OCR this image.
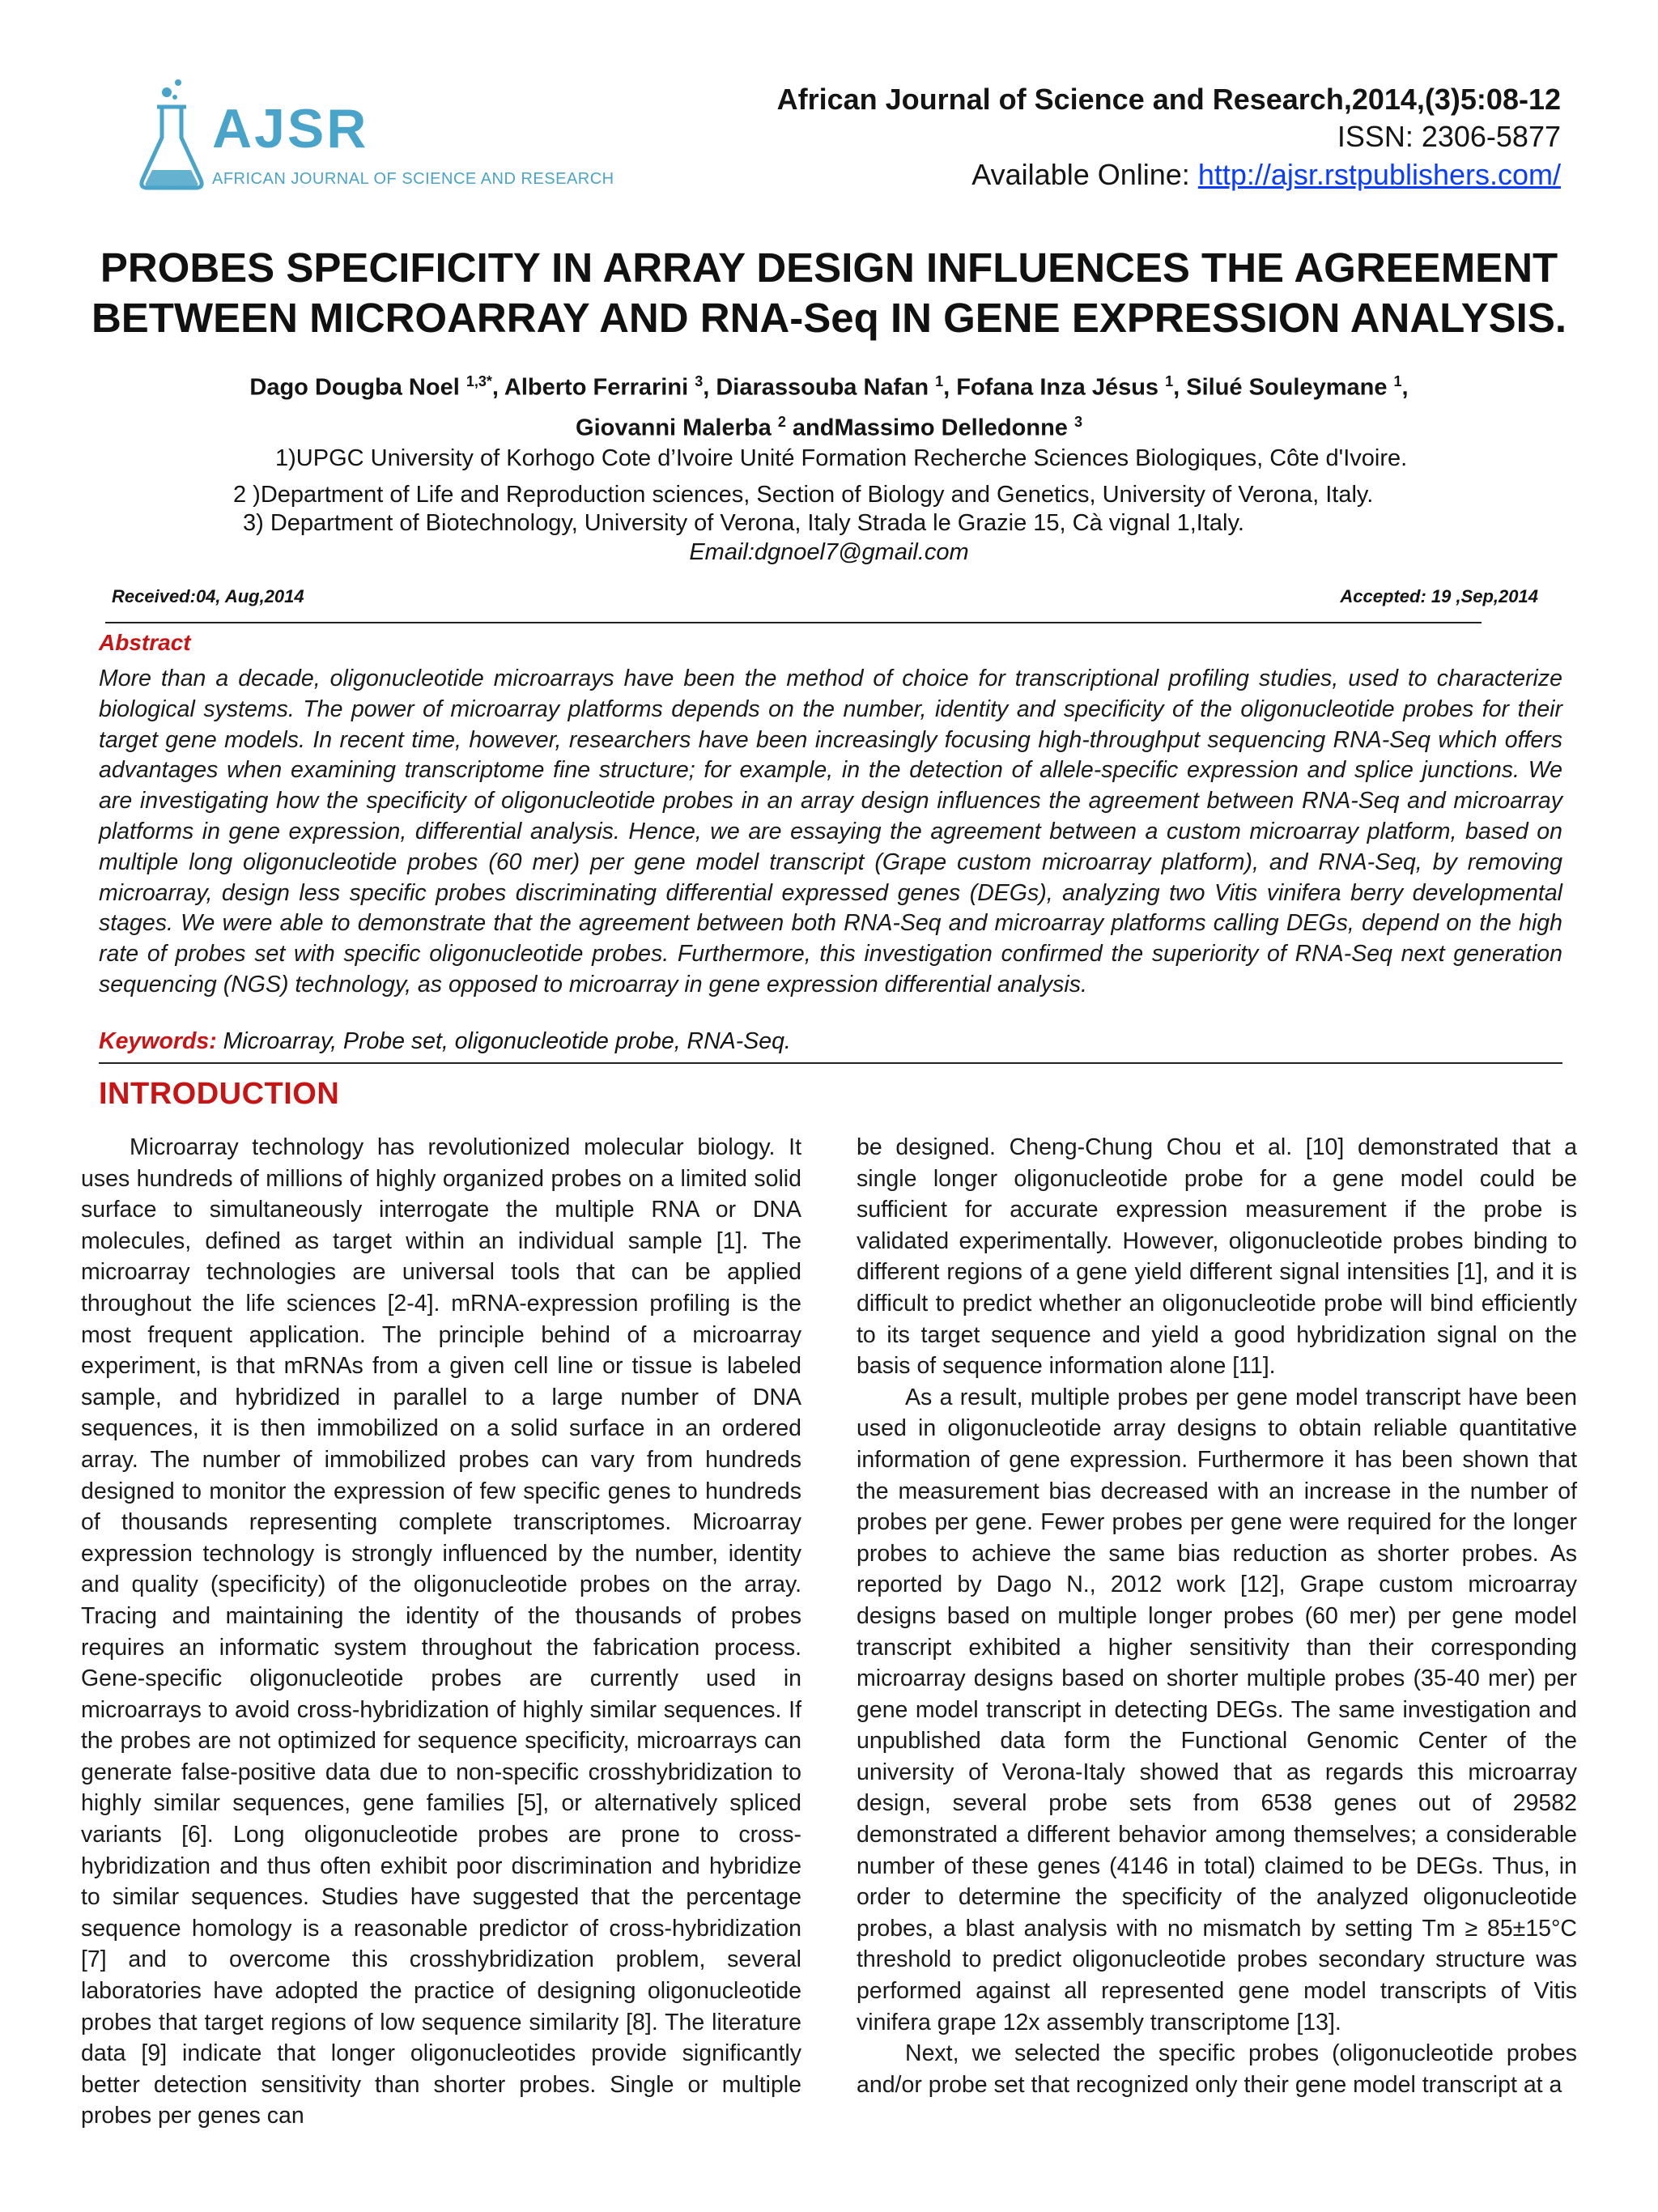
AJSR
AFRICAN JOURNAL OF SCIENCE AND RESEARCH
African Journal of Science and Research,2014,(3)5:08-12
ISSN: 2306-5877
Available Online: http://ajsr.rstpublishers.com/
PROBES SPECIFICITY IN ARRAY DESIGN INFLUENCES THE AGREEMENT
BETWEEN MICROARRAY AND RNA-Seq IN GENE EXPRESSION ANALYSIS.
Dago Dougba Noel $^{1,3*}$, Alberto Ferrarini $^3$, Diarassouba Nafan $^1$, Fofana Inza Jésus $^1$, Silué Souleymane $^1$,
Giovanni Malerba $^2$ andMassimo Delledonne $^3$
1)UPGC University of Korhogo Cote d’Ivoire Unité Formation Recherche Sciences Biologiques, Côte d'Ivoire.
2 )Department of Life and Reproduction sciences, Section of Biology and Genetics, University of Verona, Italy.
3) Department of Biotechnology, University of Verona, Italy Strada le Grazie 15, Cà vignal 1,Italy.
Email:dgnoel7@gmail.com
Received:04, Aug,2014	Accepted: 19 ,Sep,2014
Abstract
More than a decade, oligonucleotide microarrays have been the method of choice for transcriptional profiling studies, used to characterize biological systems. The power of microarray platforms depends on the number, identity and specificity of the oligonucleotide probes for their target gene models. In recent time, however, researchers have been increasingly focusing high-throughput sequencing RNA-Seq which offers advantages when examining transcriptome fine structure; for example, in the detection of allele-specific expression and splice junctions. We are investigating how the specificity of oligonucleotide probes in an array design influences the agreement between RNA-Seq and microarray platforms in gene expression, differential analysis. Hence, we are essaying the agreement between a custom microarray platform, based on multiple long oligonucleotide probes (60 mer) per gene model transcript (Grape custom microarray platform), and RNA-Seq, by removing microarray, design less specific probes discriminating differential expressed genes (DEGs), analyzing two Vitis vinifera berry developmental stages. We were able to demonstrate that the agreement between both RNA-Seq and microarray platforms calling DEGs, depend on the high rate of probes set with specific oligonucleotide probes. Furthermore, this investigation confirmed the superiority of RNA-Seq next generation sequencing (NGS) technology, as opposed to microarray in gene expression differential analysis.
Keywords: Microarray, Probe set, oligonucleotide probe, RNA-Seq.
INTRODUCTION

Microarray technology has revolutionized molecular biology. It uses hundreds of millions of highly organized probes on a limited solid surface to simultaneously interrogate the multiple RNA or DNA molecules, defined as target within an individual sample [1]. The microarray technologies are universal tools that can be applied throughout the life sciences [2-4]. mRNA-expression profiling is the most frequent application. The principle behind of a microarray experiment, is that mRNAs from a given cell line or tissue is labeled sample, and hybridized in parallel to a large number of DNA sequences, it is then immobilized on a solid surface in an ordered array. The number of immobilized probes can vary from hundreds designed to monitor the expression of few specific genes to hundreds of thousands representing complete transcriptomes. Microarray expression technology is strongly influenced by the number, identity and quality (specificity) of the oligonucleotide probes on the array. Tracing and maintaining the identity of the thousands of probes requires an informatic system throughout the fabrication process. Gene-specific oligonucleotide probes are currently used in microarrays to avoid cross-hybridization of highly similar sequences. If the probes are not optimized for sequence specificity, microarrays can generate false-positive data due to non-specific crosshybridization to highly similar sequences, gene families [5], or alternatively spliced variants [6]. Long oligonucleotide probes are prone to cross-hybridization and thus often exhibit poor discrimination and hybridize to similar sequences. Studies have suggested that the percentage sequence homology is a reasonable predictor of cross-hybridization [7] and to overcome this crosshybridization problem, several laboratories have adopted the practice of designing oligonucleotide probes that target regions of low sequence similarity [8]. The literature data [9] indicate that longer oligonucleotides provide significantly better detection sensitivity than shorter probes. Single or multiple probes per genes can

be designed. Cheng-Chung Chou et al. [10] demonstrated that a single longer oligonucleotide probe for a gene model could be sufficient for accurate expression measurement if the probe is validated experimentally. However, oligonucleotide probes binding to different regions of a gene yield different signal intensities [1], and it is difficult to predict whether an oligonucleotide probe will bind efficiently to its target sequence and yield a good hybridization signal on the basis of sequence information alone [11].

As a result, multiple probes per gene model transcript have been used in oligonucleotide array designs to obtain reliable quantitative information of gene expression. Furthermore it has been shown that the measurement bias decreased with an increase in the number of probes per gene. Fewer probes per gene were required for the longer probes to achieve the same bias reduction as shorter probes. As reported by Dago N., 2012 work [12], Grape custom microarray designs based on multiple longer probes (60 mer) per gene model transcript exhibited a higher sensitivity than their corresponding microarray designs based on shorter multiple probes (35-40 mer) per gene model transcript in detecting DEGs. The same investigation and unpublished data form the Functional Genomic Center of the university of Verona-Italy showed that as regards this microarray design, several probe sets from 6538 genes out of 29582 demonstrated a different behavior among themselves; a considerable number of these genes (4146 in total) claimed to be DEGs. Thus, in order to determine the specificity of the analyzed oligonucleotide probes, a blast analysis with no mismatch by setting Tm ≥ 85±15°C threshold to predict oligonucleotide probes secondary structure was performed against all represented gene model transcripts of Vitis vinifera grape 12x assembly transcriptome [13].

Next, we selected the specific probes (oligonucleotide probes and/or probe set that recognized only their gene model transcript at a
